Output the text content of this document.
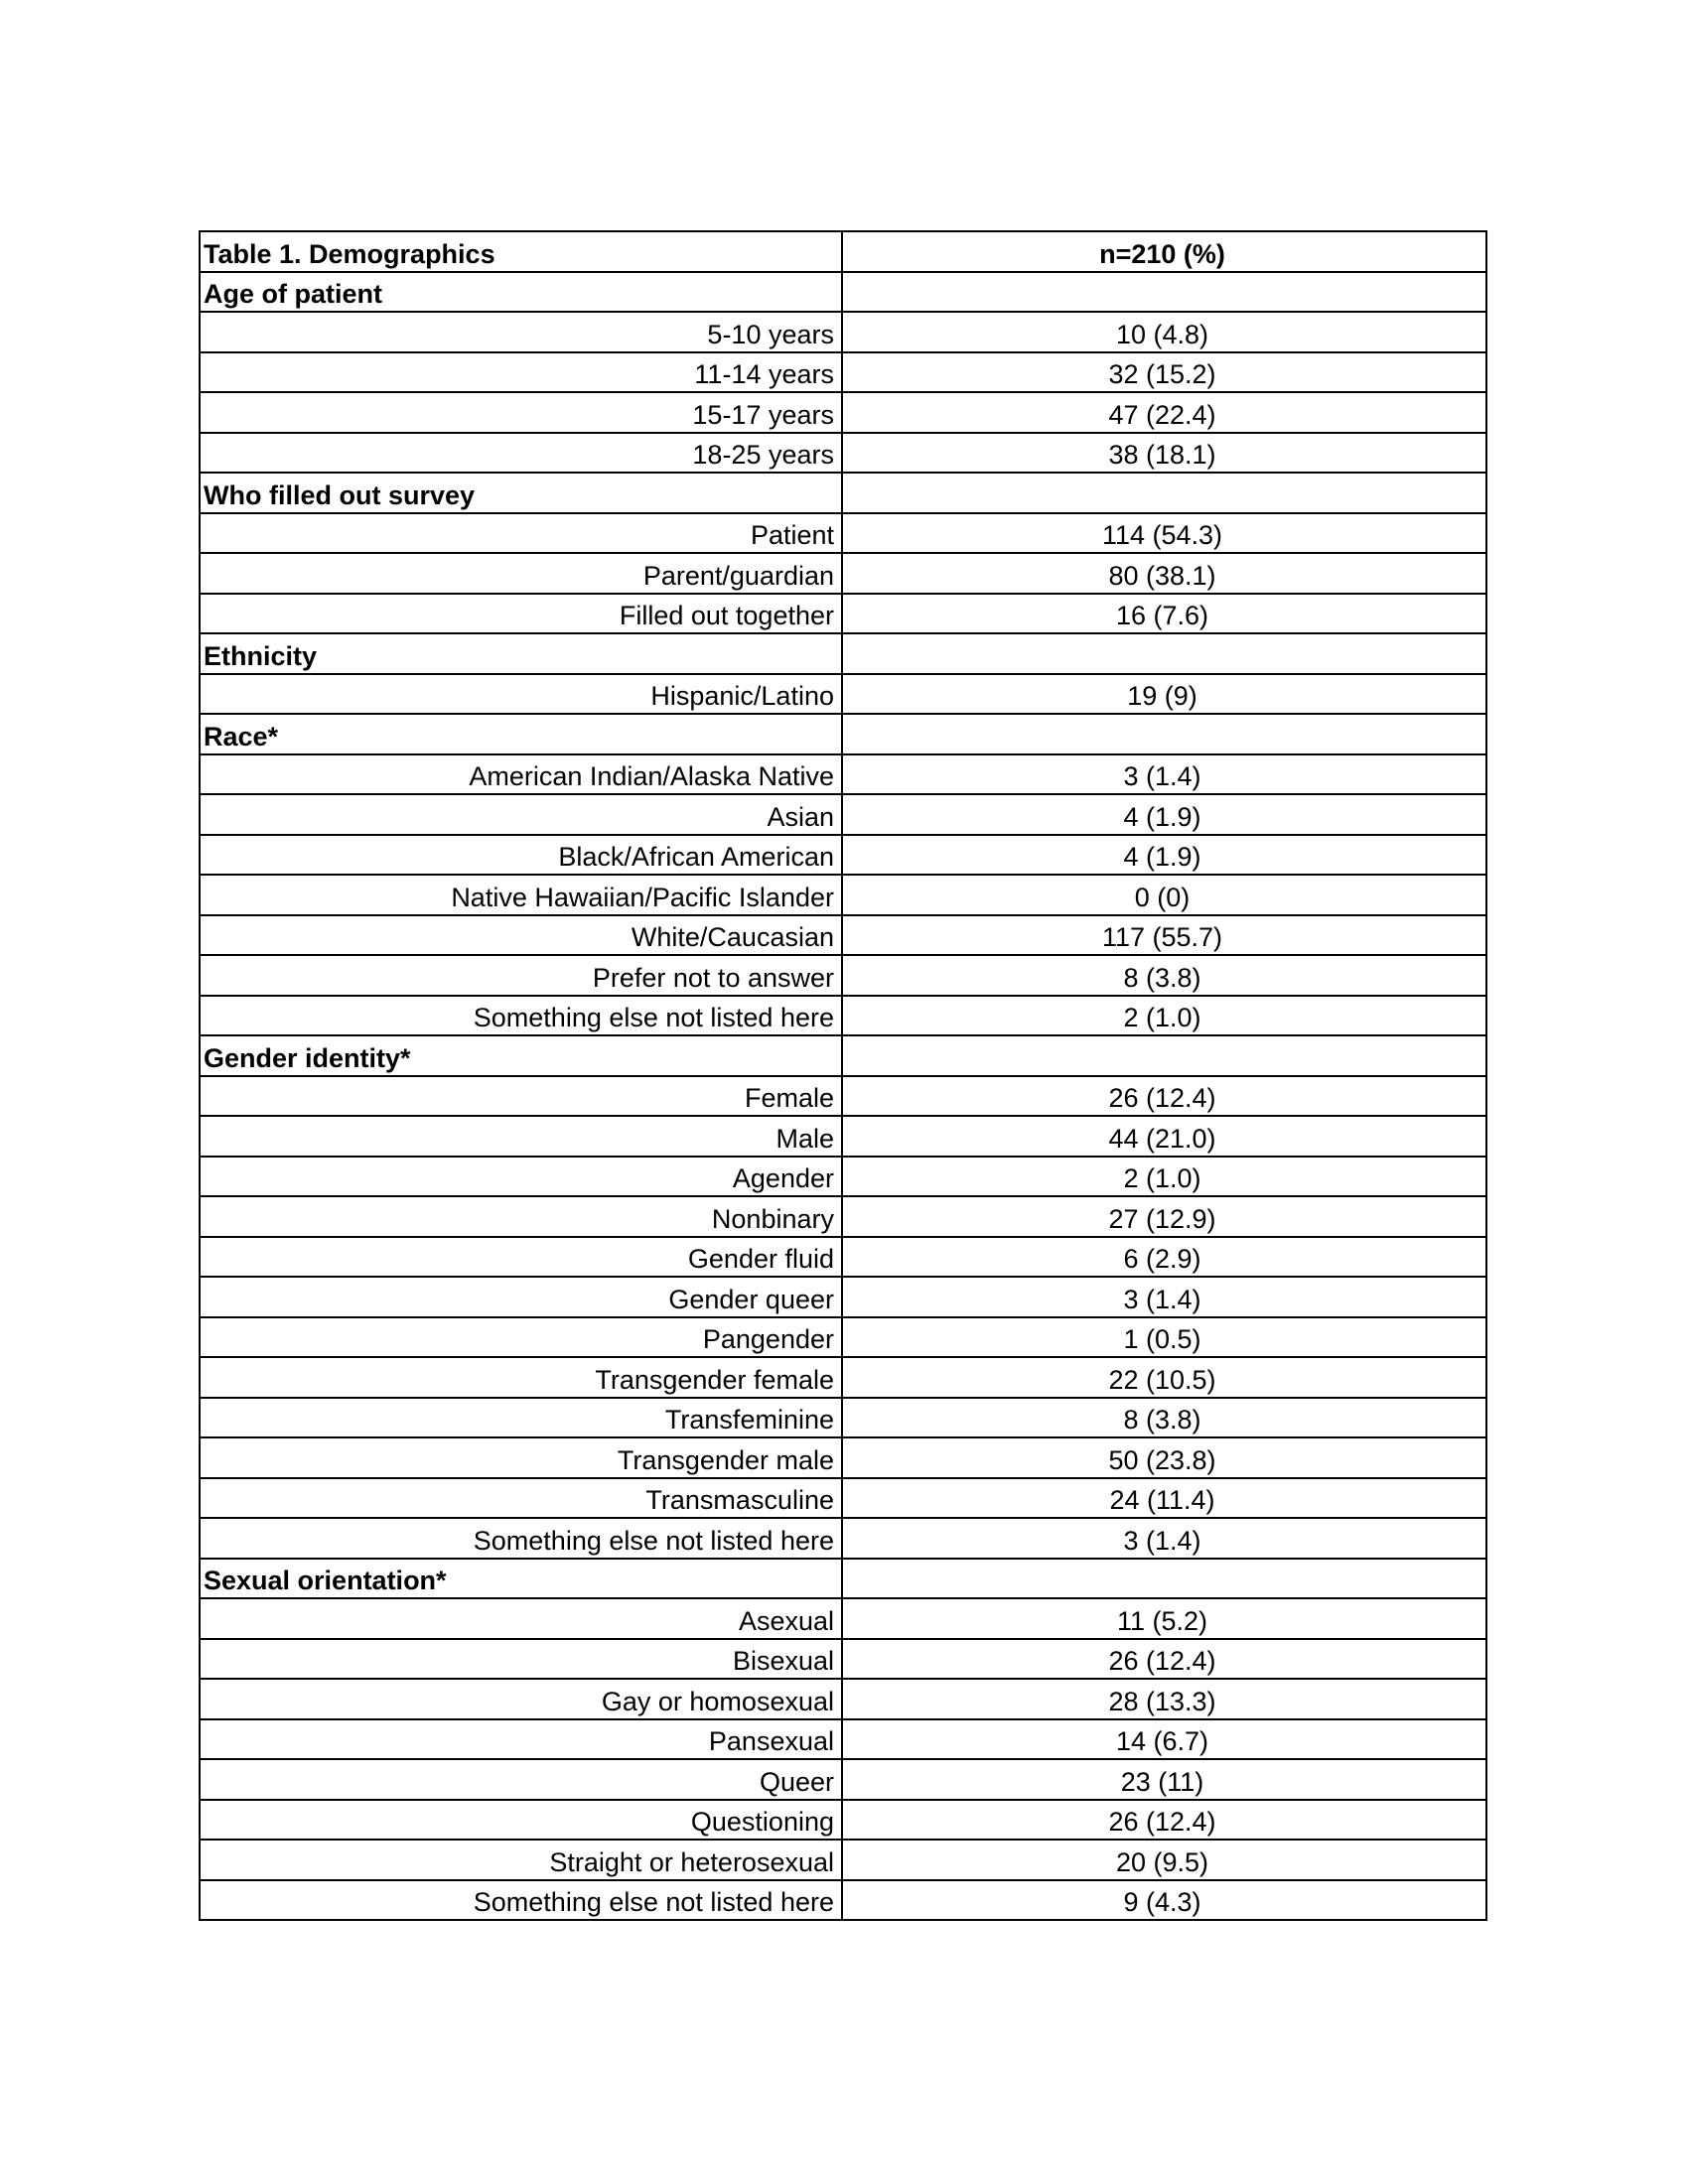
Table 1. Demographics	n=210 (%)
Age of patient	
5-10 years	10 (4.8)
11-14 years	32 (15.2)
15-17 years	47 (22.4)
18-25 years	38 (18.1)
Who filled out survey	
Patient	114 (54.3)
Parent/guardian	80 (38.1)
Filled out together	16 (7.6)
Ethnicity	
Hispanic/Latino	19 (9)
Race*	
American Indian/Alaska Native	3 (1.4)
Asian	4 (1.9)
Black/African American	4 (1.9)
Native Hawaiian/Pacific Islander	0 (0)
White/Caucasian	117 (55.7)
Prefer not to answer	8 (3.8)
Something else not listed here	2 (1.0)
Gender identity*	
Female	26 (12.4)
Male	44 (21.0)
Agender	2 (1.0)
Nonbinary	27 (12.9)
Gender fluid	6 (2.9)
Gender queer	3 (1.4)
Pangender	1 (0.5)
Transgender female	22 (10.5)
Transfeminine	8 (3.8)
Transgender male	50 (23.8)
Transmasculine	24 (11.4)
Something else not listed here	3 (1.4)
Sexual orientation*	
Asexual	11 (5.2)
Bisexual	26 (12.4)
Gay or homosexual	28 (13.3)
Pansexual	14 (6.7)
Queer	23 (11)
Questioning	26 (12.4)
Straight or heterosexual	20 (9.5)
Something else not listed here	9 (4.3)
